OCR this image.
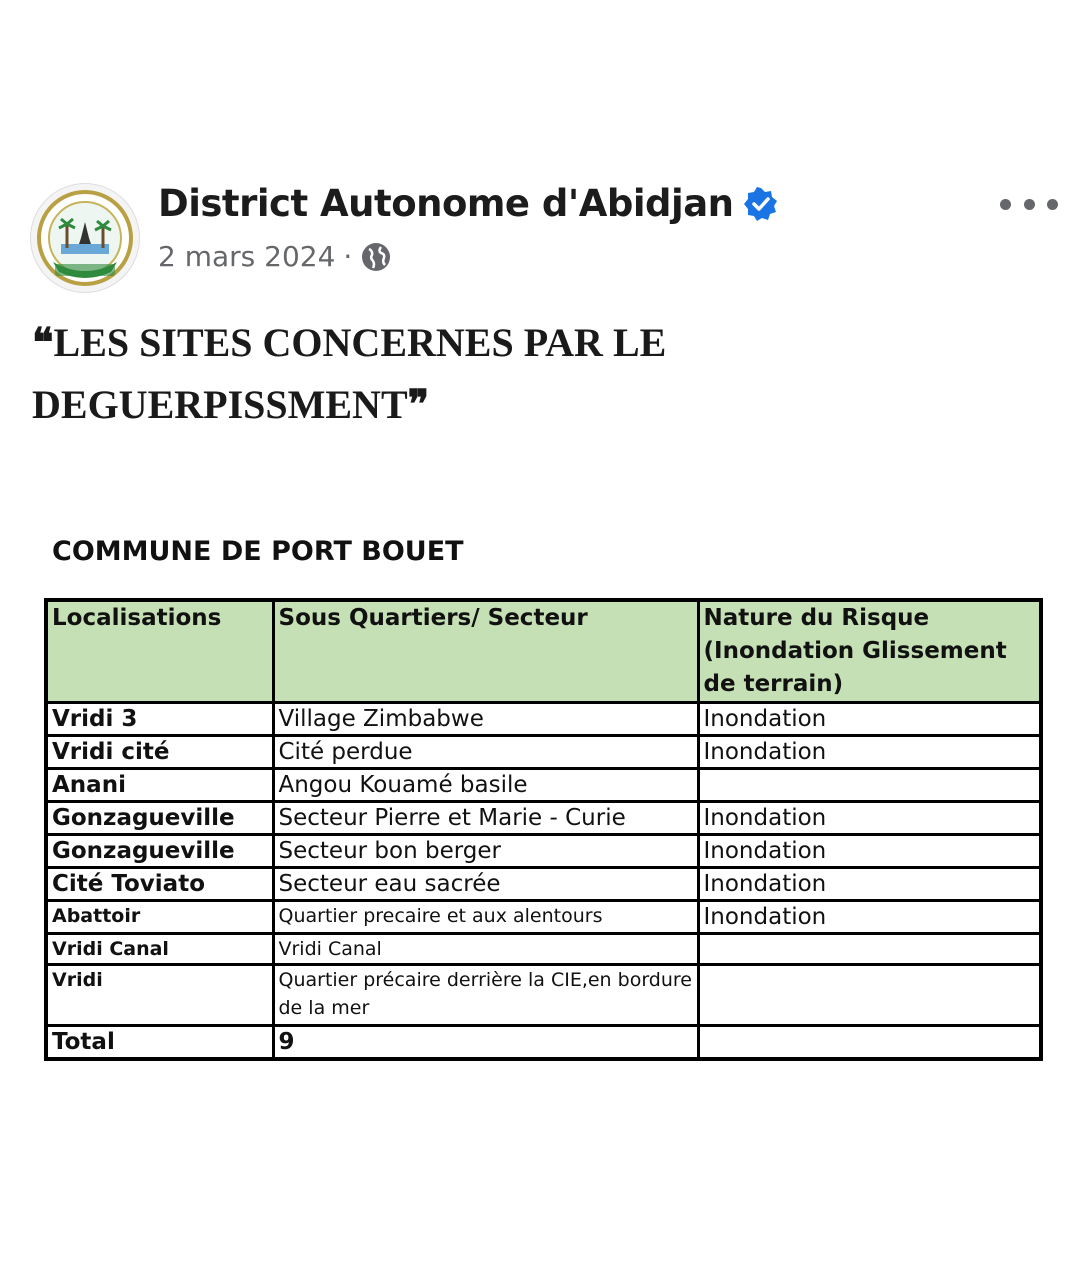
District Autonome d'Abidjan
2 mars 2024 ·
❝LES SITES CONCERNES PAR LE
DEGUERPISSMENT❞
COMMUNE DE PORT BOUET
Localisations	Sous Quartiers/ Secteur	Nature du Risque (Inondation Glissement de terrain)
Vridi 3	Village Zimbabwe	Inondation
Vridi cité	Cité perdue	Inondation
Anani	Angou Kouamé basile	
Gonzagueville	Secteur Pierre et Marie - Curie	Inondation
Gonzagueville	Secteur bon berger	Inondation
Cité Toviato	Secteur eau sacrée	Inondation
Abattoir	Quartier precaire et aux alentours	Inondation
Vridi Canal	Vridi Canal	
Vridi	Quartier précaire derrière la CIE,en bordure de la mer	
Total	9	
